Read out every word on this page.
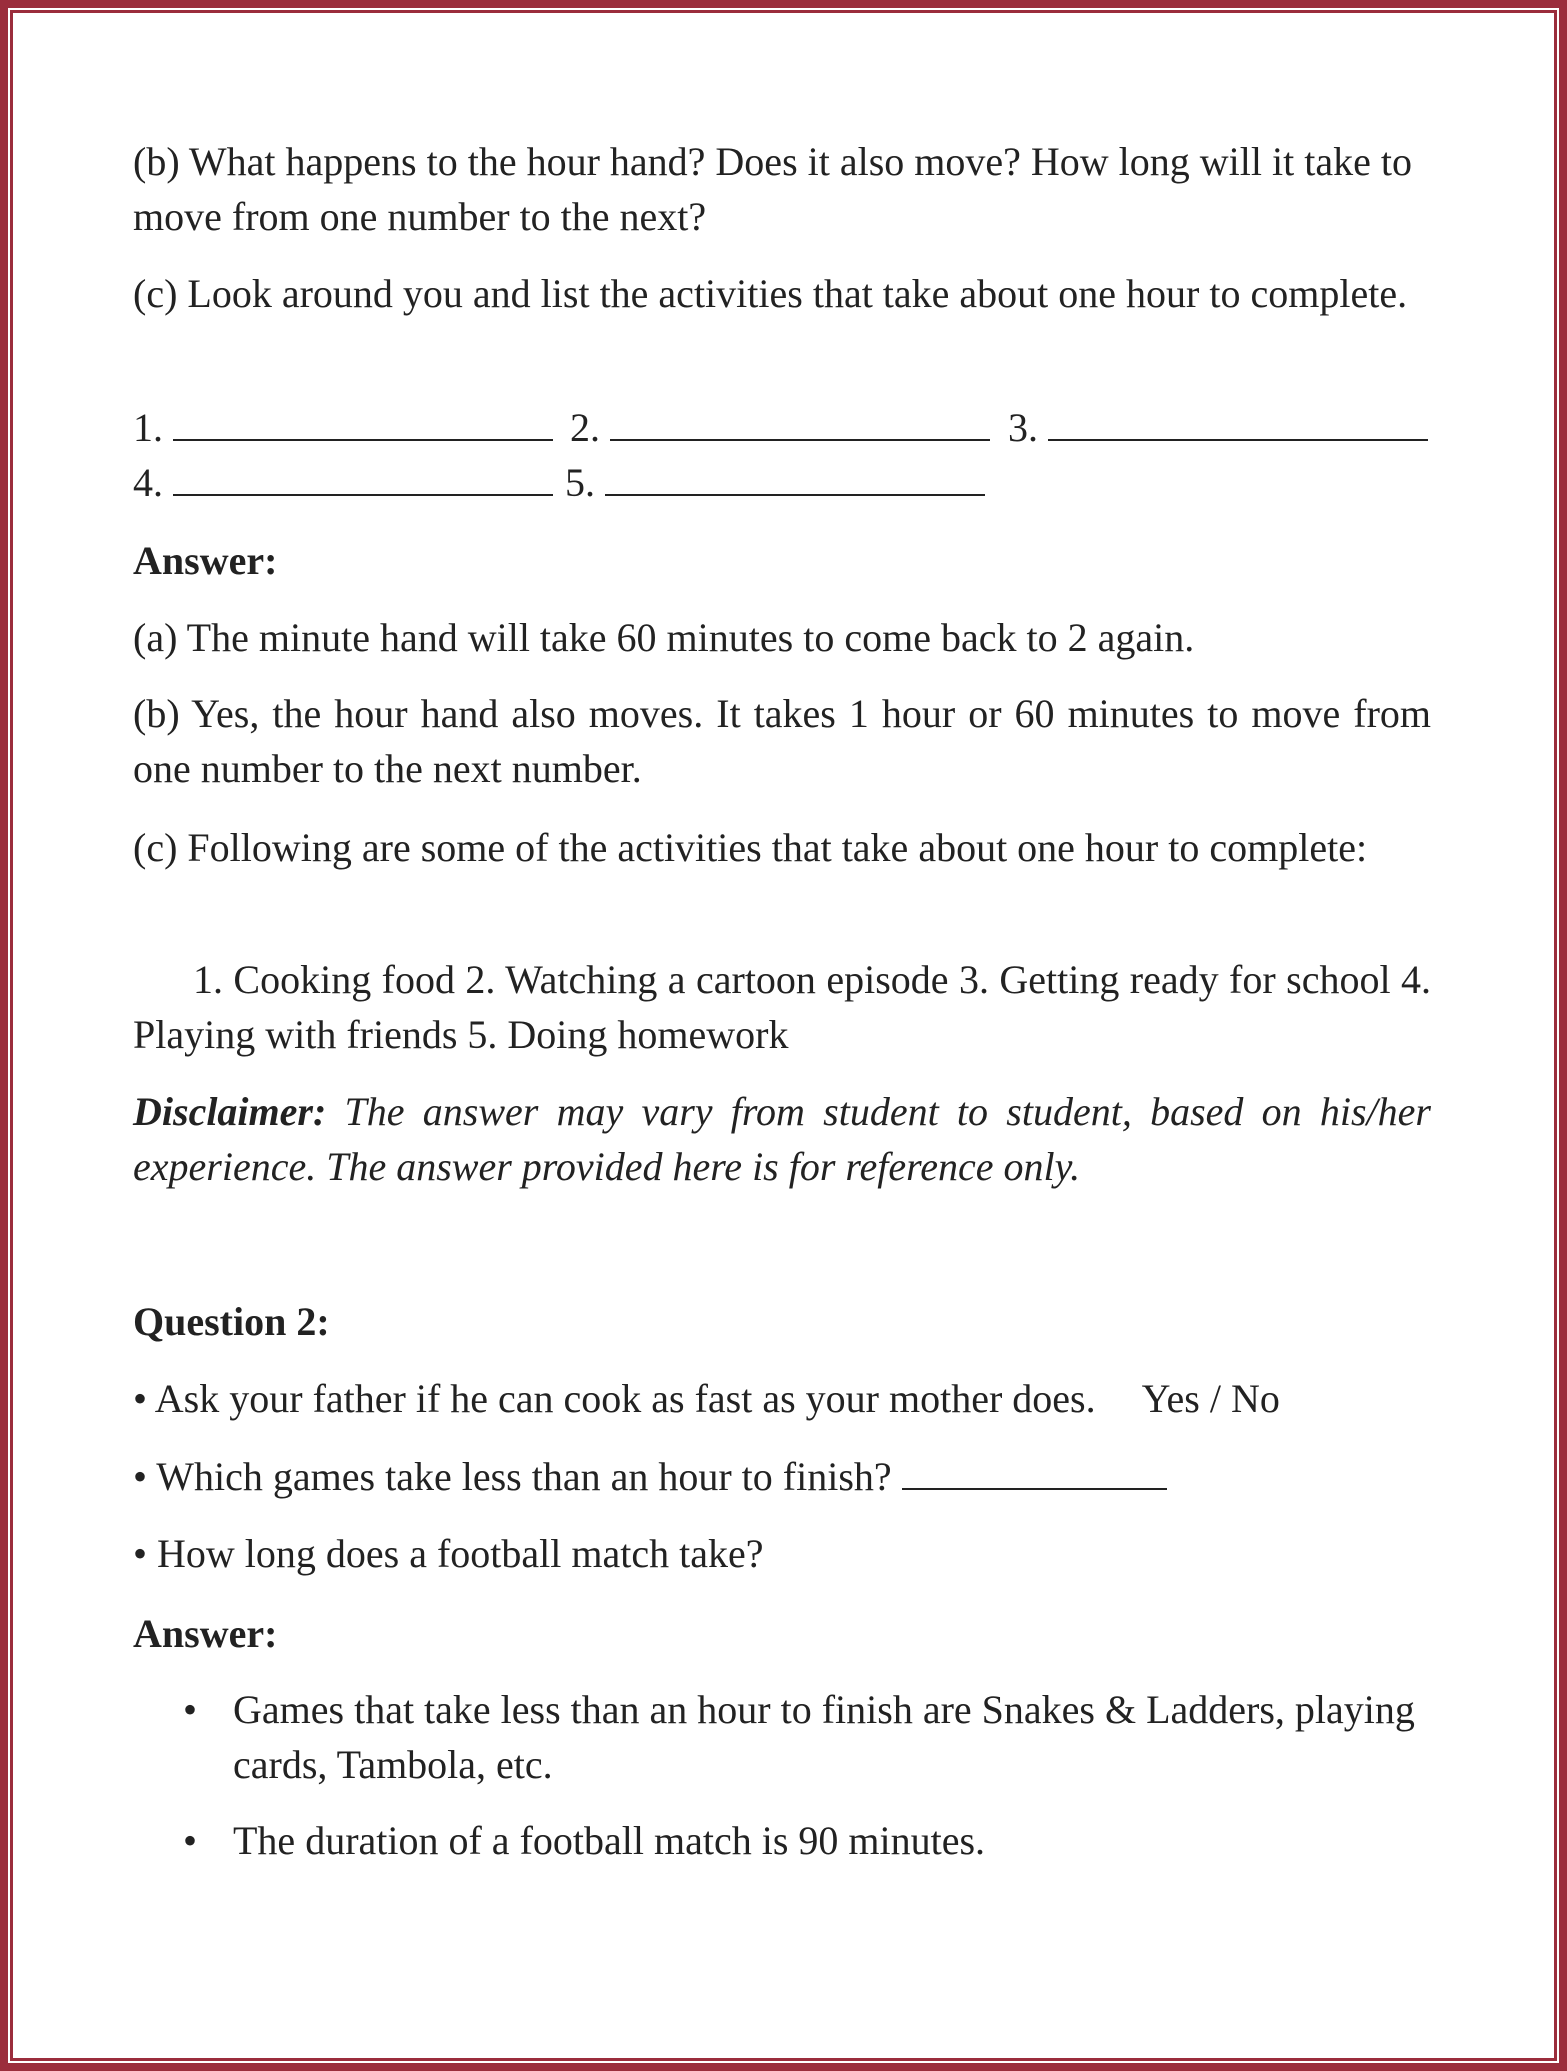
(b) What happens to the hour hand? Does it also move? How long will it take to move from one number to the next?
(c) Look around you and list the activities that take about one hour to complete.
1.	2.	3.
4.	5.
Answer:
(a) The minute hand will take 60 minutes to come back to 2 again.
(b) Yes, the hour hand also moves. It takes 1 hour or 60 minutes to move from one number to the next number.
(c) Following are some of the activities that take about one hour to complete:
1. Cooking food 2. Watching a cartoon episode 3. Getting ready for school 4. Playing with friends 5. Doing homework
Disclaimer: The answer may vary from student to student, based on his/her experience. The answer provided here is for reference only.
Question 2:
• Ask your father if he can cook as fast as your mother does. Yes / No
• Which games take less than an hour to finish?
• How long does a football match take?
Answer:
• Games that take less than an hour to finish are Snakes & Ladders, playing cards, Tambola, etc.
• The duration of a football match is 90 minutes.
